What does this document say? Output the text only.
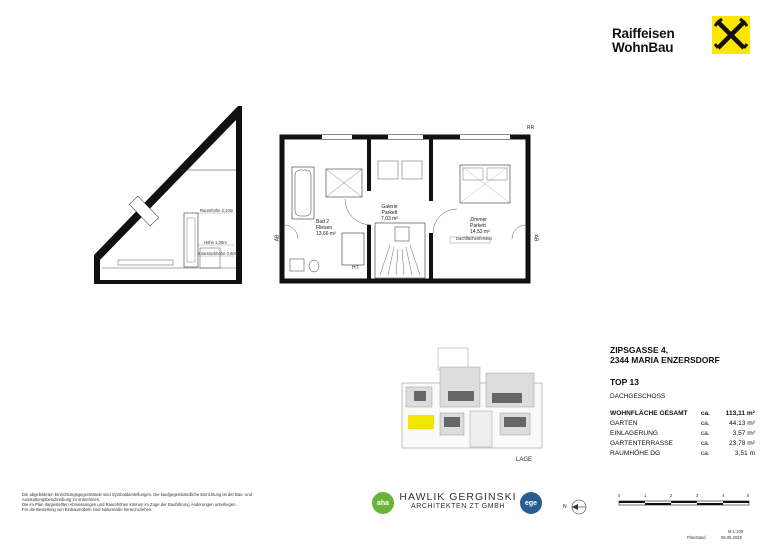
Raiffeisen
WohnBau
Raumhöhe 2,10m
Höhe 1,00m
Kniestockhöhe 0,60m
RR
AB	AB
Bad 2
Fliesen
13,66 m²
Galerie
Parkett
7,03 m²	Zimmer
Parkett
14,53 m²
Dachflächenfenster
HT
LAGE
ZIPSGASSE 4,
2344 MARIA ENZERSDORF
TOP 13
DACHGESCHOSS
WOHNFLÄCHE GESAMT	ca.	113,11 m²
GARTEN	ca.	44,13 m²
EINLAGERUNG	ca.	3,57 m²
GARTENTERRASSE	ca.	23,78 m²
RAUMHÖHE DG	ca.	3,51 m
Die abgebildeten Einrichtungsgegenstände sind Symboldarstellungen. Die kaufgegenständliche Einrichtung ist der Bau- und
Ausstattungsbeschreibung zu entnehmen.
Die im Plan dargestellten Abmessungen und Raumhöhen können im Zuge der Bauführung Änderungen unterliegen.
Für die Bestellung von Einbaumöbeln sind Naturmaße heranzuziehen.
aha HAWLIK GERGINSKI
ARCHITEKTEN ZT GMBH	ege
N
0	1	2	3	4	5
M 1:100
Planstand	08.05.2025
